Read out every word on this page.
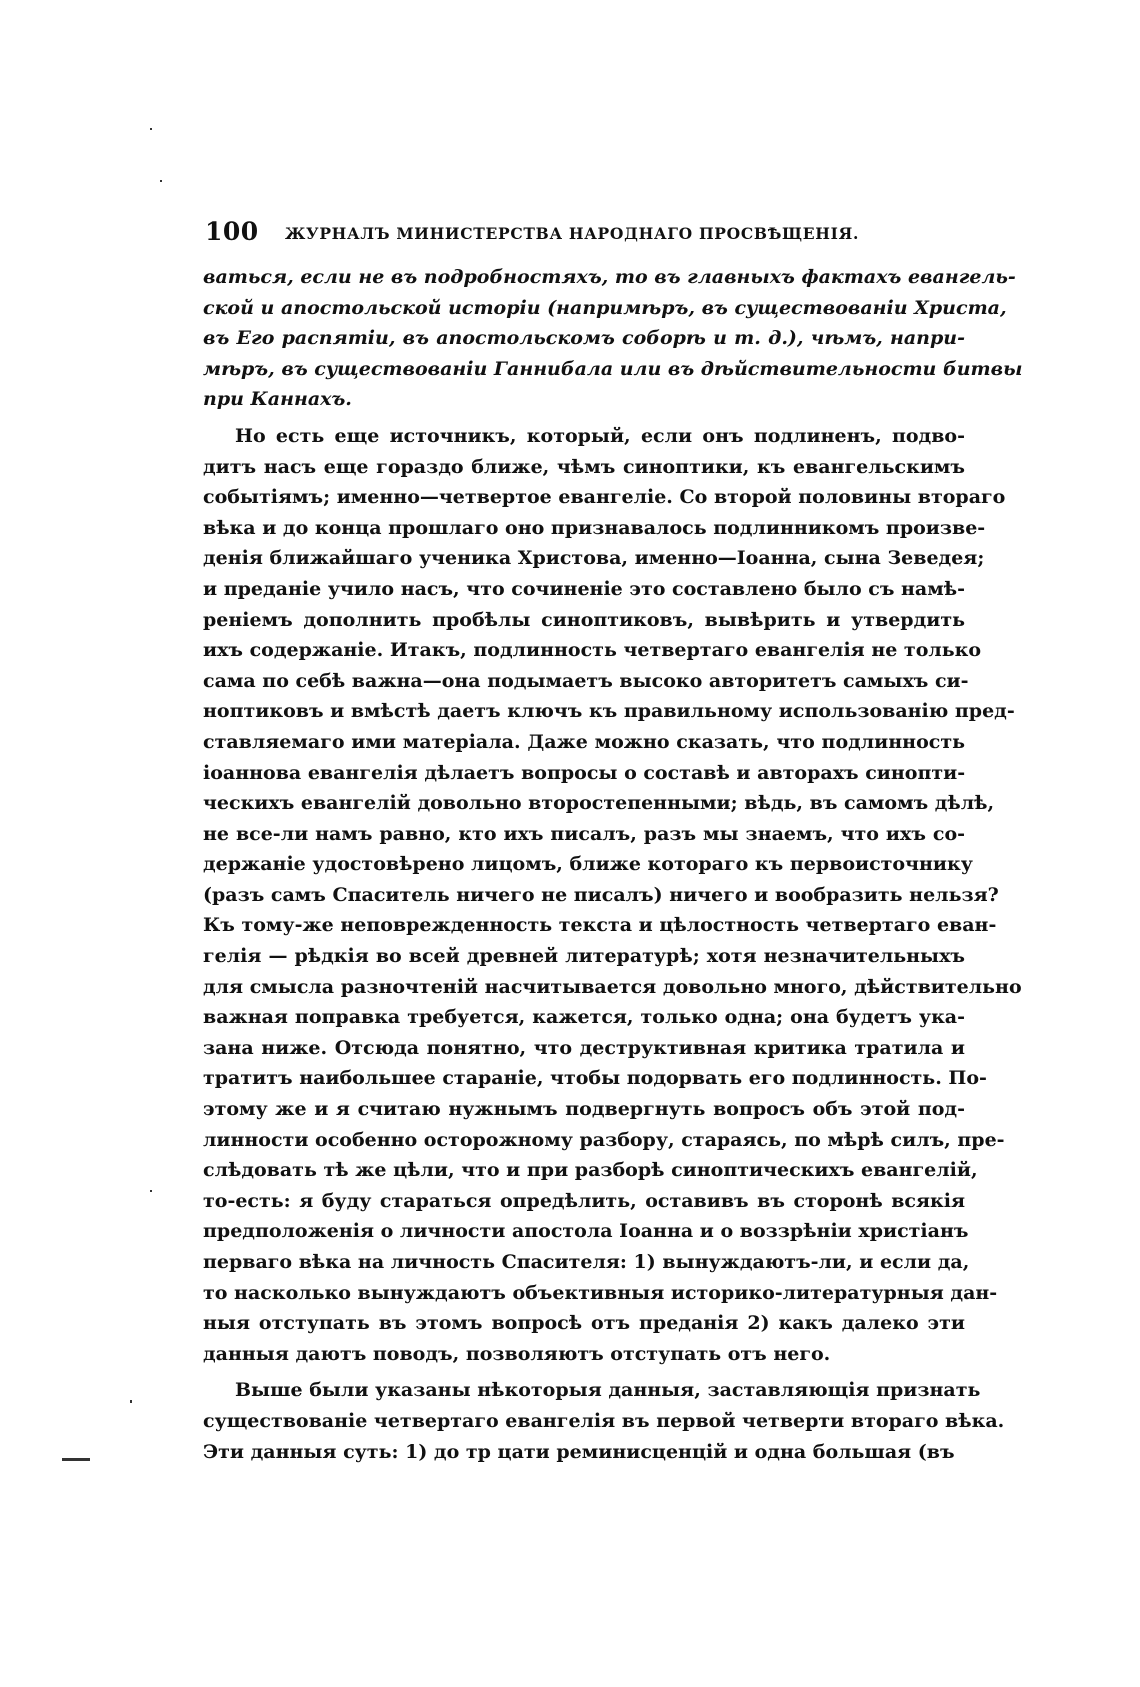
100 ЖУРНАЛЪ МИНИСТЕРСТВА НАРОДНАГО ПРОСВѢЩЕНІЯ.
ваться, если не въ подробностяхъ, то въ главныхъ фактахъ евангель-
ской и апостольской исторіи (напримѣръ, въ существованіи Христа,
въ Его распятіи, въ апостольскомъ соборѣ и т. д.), чѣмъ, напри-
мѣръ, въ существованіи Ганнибала или въ дѣйствительности битвы
при Каннахъ.
Но есть еще источникъ, который, если онъ подлиненъ, подво-
дитъ насъ еще гораздо ближе, чѣмъ синоптики, къ евангельскимъ
событіямъ; именно—четвертое евангеліе. Со второй половины втораго
вѣка и до конца прошлаго оно признавалось подлинникомъ произве-
денія ближайшаго ученика Христова, именно—Іоанна, сына Зеведея;
и преданіе учило насъ, что сочиненіе это составлено было съ намѣ-
реніемъ дополнить пробѣлы синоптиковъ, вывѣрить и утвердить
ихъ содержаніе. Итакъ, подлинность четвертаго евангелія не только
сама по себѣ важна—она подымаетъ высоко авторитетъ самыхъ си-
ноптиковъ и вмѣстѣ даетъ ключъ къ правильному использованію пред-
ставляемаго ими матеріала. Даже можно сказать, что подлинность
іоаннова евангелія дѣлаетъ вопросы о составѣ и авторахъ синопти-
ческихъ евангелій довольно второстепенными; вѣдь, въ самомъ дѣлѣ,
не все-ли намъ равно, кто ихъ писалъ, разъ мы знаемъ, что ихъ со-
держаніе удостовѣрено лицомъ, ближе котораго къ первоисточнику
(разъ самъ Спаситель ничего не писалъ) ничего и вообразить нельзя?
Къ тому-же неповрежденность текста и цѣлостность четвертаго еван-
гелія — рѣдкія во всей древней литературѣ; хотя незначительныхъ
для смысла разночтеній насчитывается довольно много, дѣйствительно
важная поправка требуется, кажется, только одна; она будетъ ука-
зана ниже. Отсюда понятно, что деструктивная критика тратила и
тратитъ наибольшее стараніе, чтобы подорвать его подлинность. По-
этому же и я считаю нужнымъ подвергнуть вопросъ объ этой под-
линности особенно осторожному разбору, стараясь, по мѣрѣ силъ, пре-
слѣдовать тѣ же цѣли, что и при разборѣ синоптическихъ евангелій,
то-есть: я буду стараться опредѣлить, оставивъ въ сторонѣ всякія
предположенія о личности апостола Іоанна и о воззрѣніи христіанъ
перваго вѣка на личность Спасителя: 1) вынуждаютъ-ли, и если да,
то насколько вынуждаютъ объективныя историко-литературныя дан-
ныя отступать въ этомъ вопросѣ отъ преданія 2) какъ далеко эти
данныя даютъ поводъ, позволяютъ отступать отъ него.
Выше были указаны нѣкоторыя данныя, заставляющія признать
существованіе четвертаго евангелія въ первой четверти втораго вѣка.
Эти данныя суть: 1) до тр цати реминисценцій и одна большая (въ
